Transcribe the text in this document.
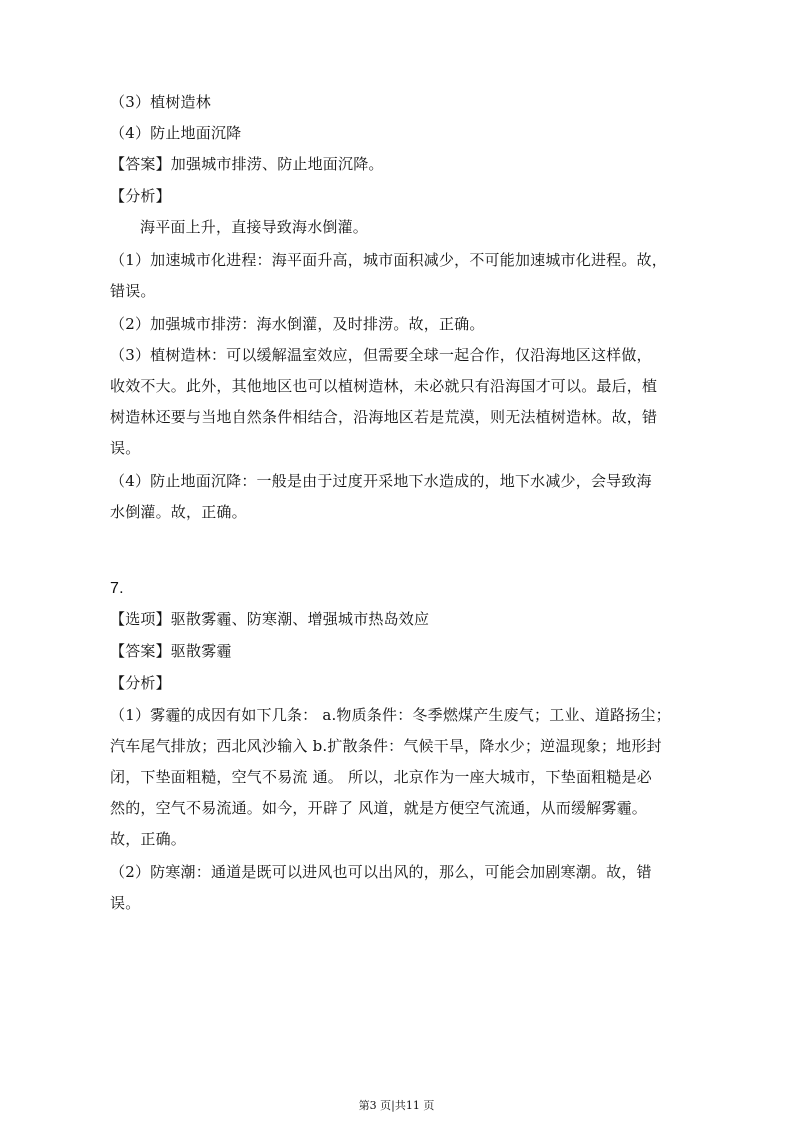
（3）植树造林
（4）防止地面沉降
【答案】加强城市排涝、防止地面沉降。
【分析】
海平面上升，直接导致海水倒灌。
（1）加速城市化进程：海平面升高，城市面积减少，不可能加速城市化进程。故，
错误。
（2）加强城市排涝：海水倒灌，及时排涝。故，正确。
（3）植树造林：可以缓解温室效应，但需要全球一起合作，仅沿海地区这样做，
收效不大。此外，其他地区也可以植树造林，未必就只有沿海国才可以。最后，植
树造林还要与当地自然条件相结合，沿海地区若是荒漠，则无法植树造林。故，错
误。
（4）防止地面沉降：一般是由于过度开采地下水造成的，地下水减少，会导致海
水倒灌。故，正确。
7.
【选项】驱散雾霾、防寒潮、增强城市热岛效应
【答案】驱散雾霾
【分析】
（1）雾霾的成因有如下几条： a.物质条件：冬季燃煤产生废气；工业、道路扬尘；
汽车尾气排放；西北风沙输入 b.扩散条件：气候干旱，降水少；逆温现象；地形封
闭，下垫面粗糙，空气不易流 通。 所以，北京作为一座大城市，下垫面粗糙是必
然的，空气不易流通。如今，开辟了 风道，就是方便空气流通，从而缓解雾霾。
故，正确。
（2）防寒潮：通道是既可以进风也可以出风的，那么，可能会加剧寒潮。故，错
误。
第3 页|共11 页
